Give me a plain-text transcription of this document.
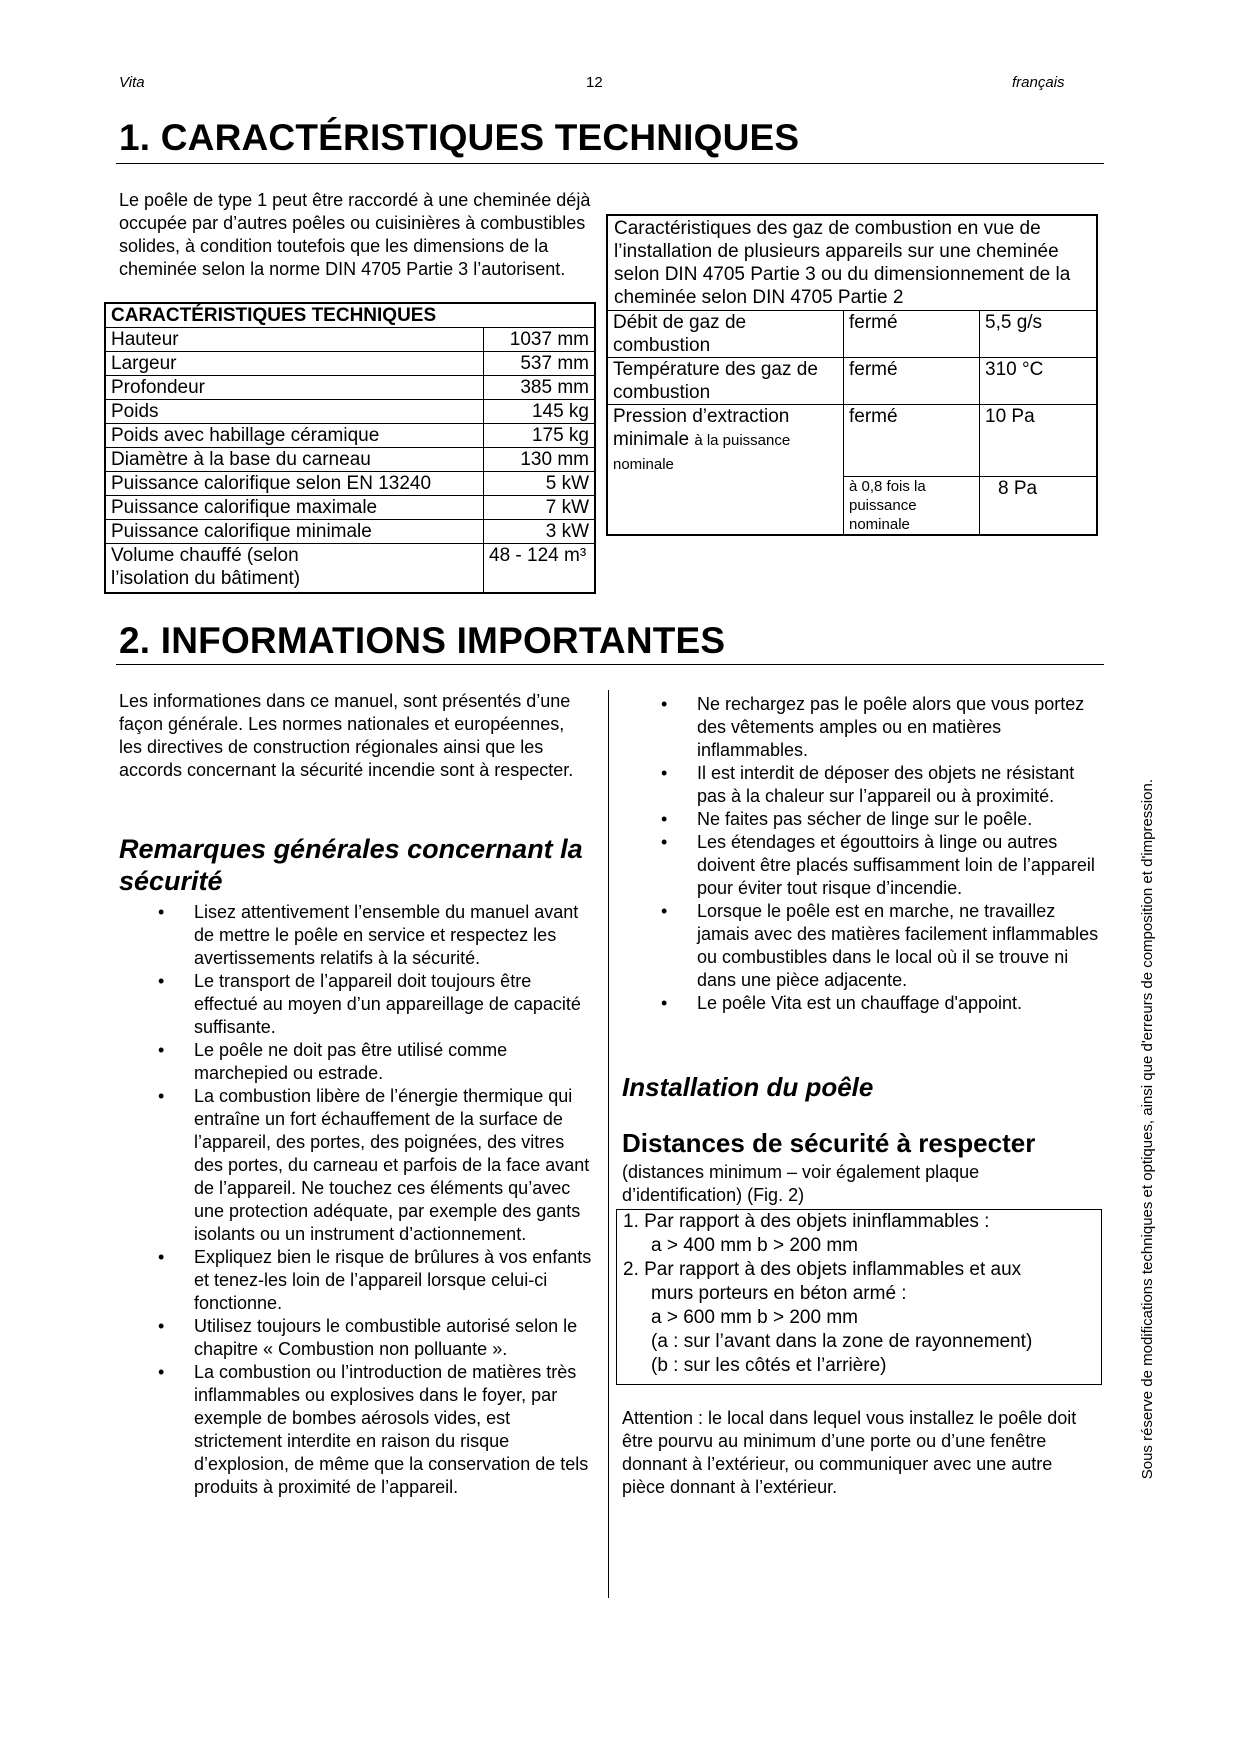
Vita	12	français
1. CARACTÉRISTIQUES TECHNIQUES
Le poêle de type 1 peut être raccordé à une cheminée déjà occupée par d’autres poêles ou cuisinières à combustibles solides, à condition toutefois que les dimensions de la cheminée selon la norme DIN 4705 Partie 3 l’autorisent.
CARACTÉRISTIQUES TECHNIQUES	
Hauteur	1037 mm
Largeur	537 mm
Profondeur	385 mm
Poids	145 kg
Poids avec habillage céramique	175 kg
Diamètre à la base du carneau	130 mm
Puissance calorifique selon EN 13240	5 kW
Puissance calorifique maximale	7 kW
Puissance calorifique minimale	3 kW
Volume chauffé (selon l’isolation du bâtiment)	48 - 124 m³
Caractéristiques des gaz de combustion en vue de l’installation de plusieurs appareils sur une cheminée selon DIN 4705 Partie 3 ou du dimensionnement de la cheminée selon DIN 4705 Partie 2		
Débit de gaz de combustion	fermé	5,5 g/s
Température des gaz de combustion	fermé	310 °C
Pression d’extraction minimale à la puissance nominale	fermé	10 Pa
	à 0,8 fois la puissance nominale	8 Pa
2. INFORMATIONS IMPORTANTES
Les informationes dans ce manuel, sont présentés d’une façon générale. Les normes nationales et européennes, les directives de construction régionales ainsi que les accords concernant la sécurité incendie sont à respecter.
Remarques générales concernant la sécurité
• Lisez attentivement l’ensemble du manuel avant de mettre le poêle en service et respectez les avertissements relatifs à la sécurité.
• Le transport de l’appareil doit toujours être effectué au moyen d’un appareillage de capacité suffisante.
• Le poêle ne doit pas être utilisé comme marchepied ou estrade.
• La combustion libère de l’énergie thermique qui entraîne un fort échauffement de la surface de l’appareil, des portes, des poignées, des vitres des portes, du carneau et parfois de la face avant de l’appareil. Ne touchez ces éléments qu’avec une protection adéquate, par exemple des gants isolants ou un instrument d’actionnement.
• Expliquez bien le risque de brûlures à vos enfants et tenez-les loin de l’appareil lorsque celui-ci fonctionne.
• Utilisez toujours le combustible autorisé selon le chapitre « Combustion non polluante ».
• La combustion ou l’introduction de matières très inflammables ou explosives dans le foyer, par exemple de bombes aérosols vides, est strictement interdite en raison du risque d’explosion, de même que la conservation de tels produits à proximité de l’appareil.
• Ne rechargez pas le poêle alors que vous portez des vêtements amples ou en matières inflammables.
• Il est interdit de déposer des objets ne résistant pas à la chaleur sur l’appareil ou à proximité.
• Ne faites pas sécher de linge sur le poêle.
• Les étendages et égouttoirs à linge ou autres doivent être placés suffisamment loin de l’appareil pour éviter tout risque d’incendie.
• Lorsque le poêle est en marche, ne travaillez jamais avec des matières facilement inflammables ou combustibles dans le local où il se trouve ni dans une pièce adjacente.
• Le poêle Vita est un chauffage d'appoint.
Installation du poêle
Distances de sécurité à respecter
(distances minimum – voir également plaque d’identification) (Fig. 2)
1. Par rapport à des objets ininflammables :
a > 400 mm b > 200 mm
2. Par rapport à des objets inflammables et aux
murs porteurs en béton armé :
a > 600 mm b > 200 mm
(a : sur l’avant dans la zone de rayonnement)
(b : sur les côtés et l’arrière)
Attention : le local dans lequel vous installez le poêle doit être pourvu au minimum d’une porte ou d’une fenêtre donnant à l’extérieur, ou communiquer avec une autre pièce donnant à l’extérieur.
Sous réserve de modifications techniques et optiques, ainsi que d'erreurs de composition et d'impression.
